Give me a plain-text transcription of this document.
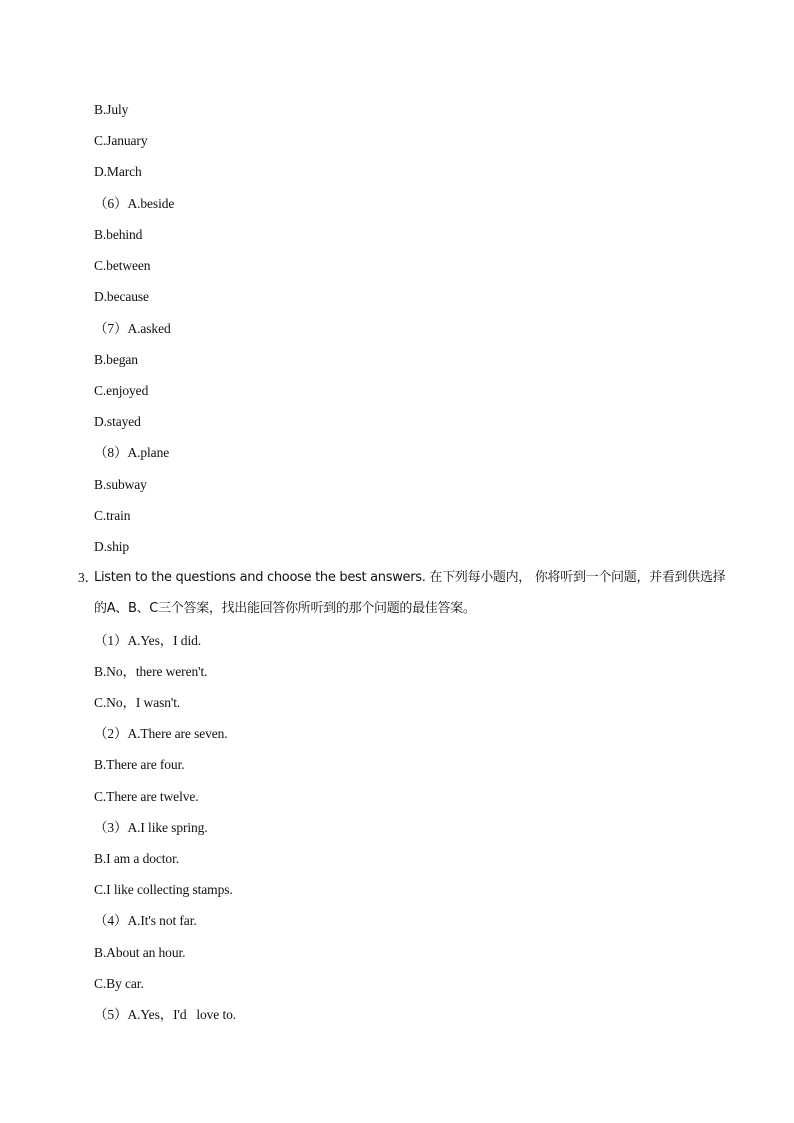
B.July
C.January
D.March
（6）A.beside
B.behind
C.between
D.because
（7）A.asked
B.began
C.enjoyed
D.stayed
（8）A.plane
B.subway
C.train
D.ship
3．
Listen to the questions and choose the best answers. 在下列每小题内， 你将听到一个问题，并看到供选择
的A、B、C三个答案，找出能回答你所听到的那个问题的最佳答案。
（1）A.Yes，I did.
B.No，there weren't.
C.No，I wasn't.
（2）A.There are seven.
B.There are four.
C.There are twelve.
（3）A.I like spring.
B.I am a doctor.
C.I like collecting stamps.
（4）A.It's not far.
B.About an hour.
C.By car.
（5）A.Yes，I'd   love to.
